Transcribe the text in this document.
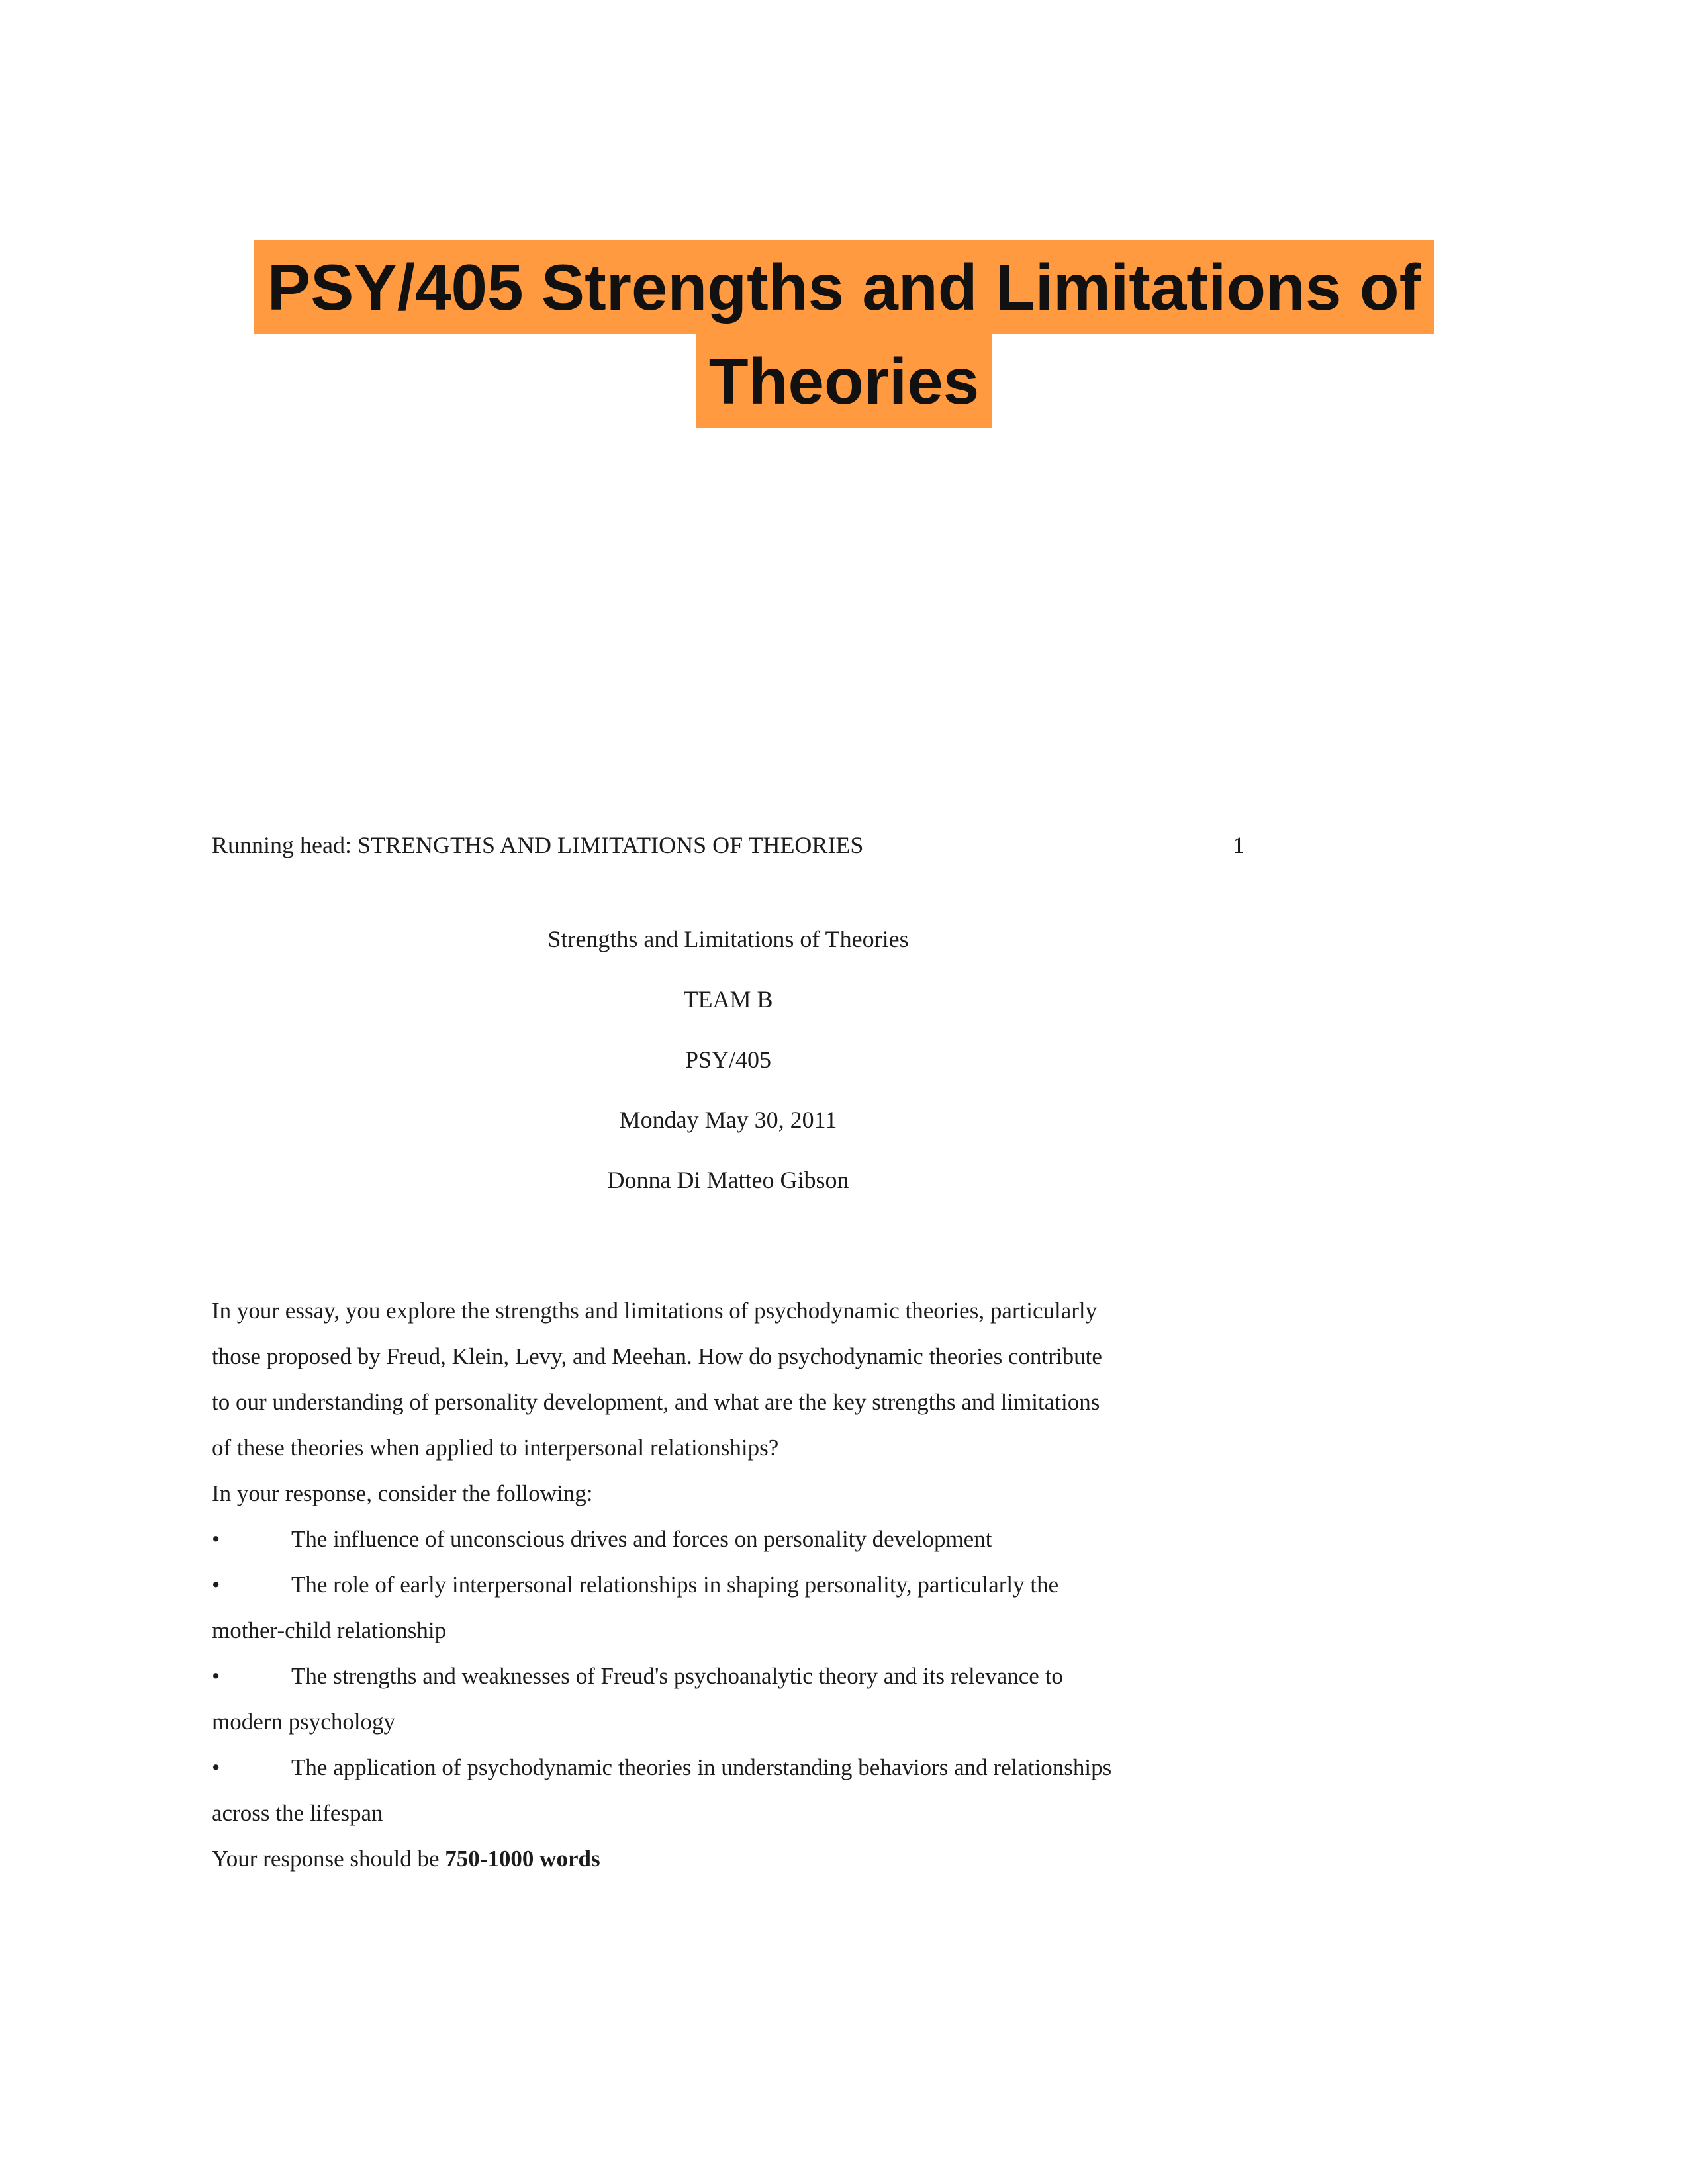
PSY/405 Strengths and Limitations of
Theories
Running head: STRENGTHS AND LIMITATIONS OF THEORIES	1
Strengths and Limitations of Theories
TEAM B
PSY/405
Monday May 30, 2011
Donna Di Matteo Gibson

In your essay, you explore the strengths and limitations of psychodynamic theories, particularly

those proposed by Freud, Klein, Levy, and Meehan. How do psychodynamic theories contribute

to our understanding of personality development, and what are the key strengths and limitations

of these theories when applied to interpersonal relationships?

In your response, consider the following:

•	The influence of unconscious drives and forces on personality development

•	The role of early interpersonal relationships in shaping personality, particularly the

mother-child relationship

•	The strengths and weaknesses of Freud's psychoanalytic theory and its relevance to

modern psychology

•	The application of psychodynamic theories in understanding behaviors and relationships

across the lifespan

Your response should be 750-1000 words
